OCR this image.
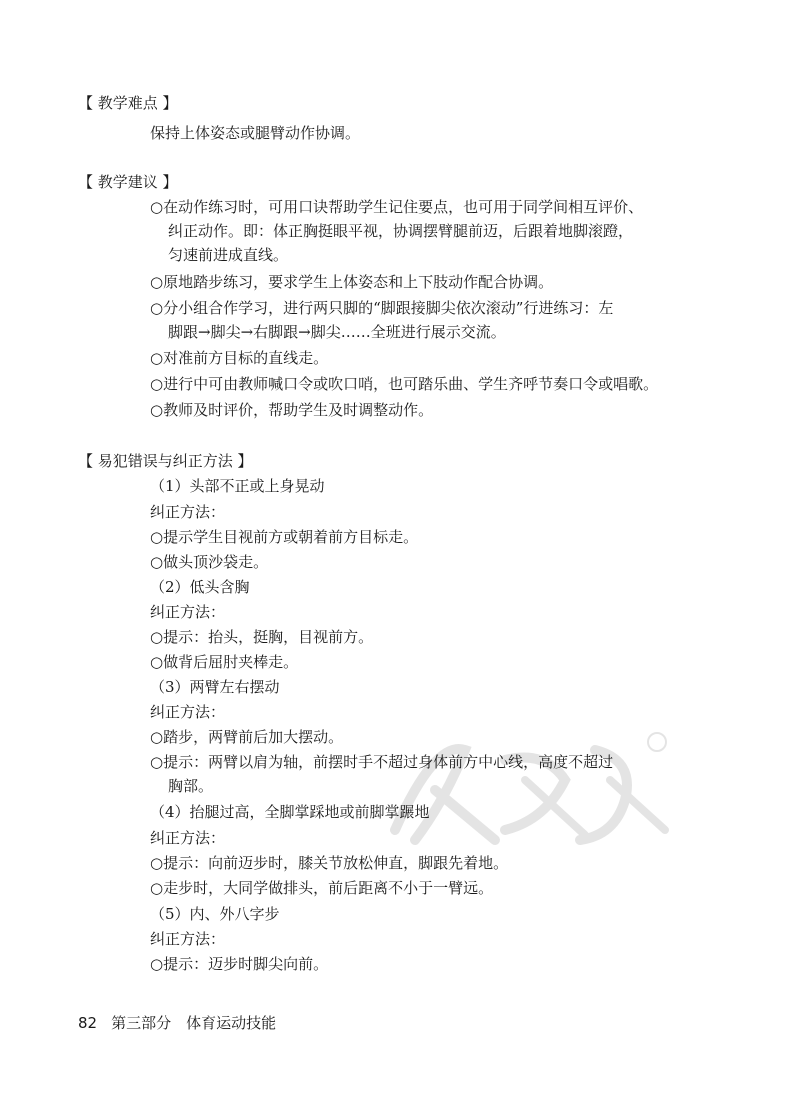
【 教学难点 】
保持上体姿态或腿臂动作协调。
【 教学建议 】
○在动作练习时，可用口诀帮助学生记住要点，也可用于同学间相互评价、
纠正动作。即：体正胸挺眼平视，协调摆臂腿前迈，后跟着地脚滚蹬，
匀速前进成直线。
○原地踏步练习，要求学生上体姿态和上下肢动作配合协调。
○分小组合作学习，进行两只脚的“脚跟接脚尖依次滚动”行进练习：左
脚跟→脚尖→右脚跟→脚尖……全班进行展示交流。
○对准前方目标的直线走。
○进行中可由教师喊口令或吹口哨，也可踏乐曲、学生齐呼节奏口令或唱歌。
○教师及时评价，帮助学生及时调整动作。
【 易犯错误与纠正方法 】
（1）头部不正或上身晃动
纠正方法：
○提示学生目视前方或朝着前方目标走。
○做头顶沙袋走。
（2）低头含胸
纠正方法：
○提示：抬头，挺胸，目视前方。
○做背后屈肘夹棒走。
（3）两臂左右摆动
纠正方法：
○踏步，两臂前后加大摆动。
○提示：两臂以肩为轴，前摆时手不超过身体前方中心线，高度不超过
胸部。
（4）抬腿过高，全脚掌踩地或前脚掌蹍地
纠正方法：
○提示：向前迈步时，膝关节放松伸直，脚跟先着地。
○走步时，大同学做排头，前后距离不小于一臂远。
（5）内、外八字步
纠正方法：
○提示：迈步时脚尖向前。
82 第三部分　体育运动技能
